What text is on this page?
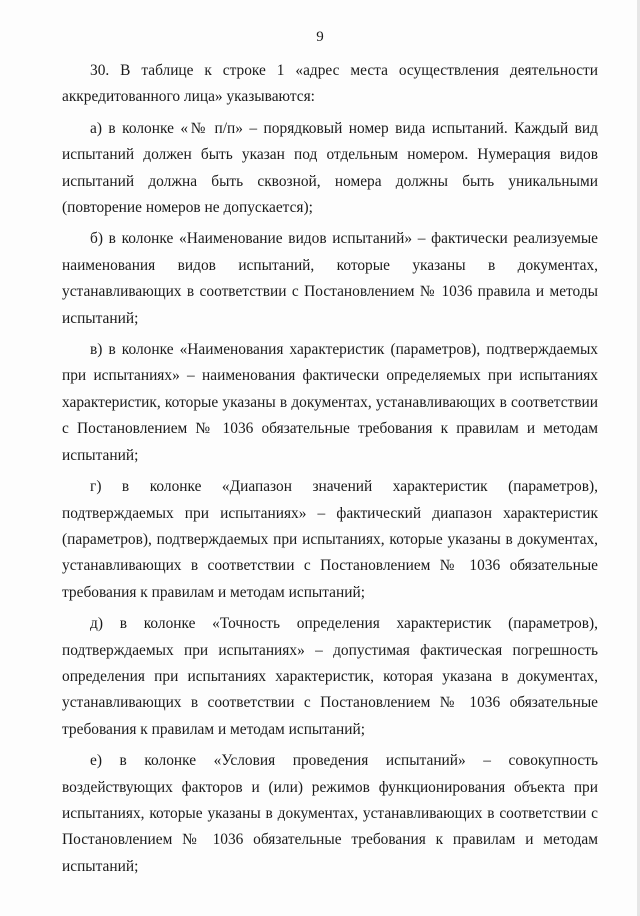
9

30. В таблице к строке 1 «адрес места осуществления деятельности аккредитованного лица» указываются:

а) в колонке «№ п/п» – порядковый номер вида испытаний. Каждый вид испытаний должен быть указан под отдельным номером. Нумерация видов испытаний должна быть сквозной, номера должны быть уникальными (повторение номеров не допускается);

б) в колонке «Наименование видов испытаний» – фактически реализуемые наименования видов испытаний, которые указаны в документах, устанавливающих в соответствии с Постановлением № 1036 правила и методы испытаний;

в) в колонке «Наименования характеристик (параметров), подтверждаемых при испытаниях» – наименования фактически определяемых при испытаниях характеристик, которые указаны в документах, устанавливающих в соответствии с Постановлением № 1036 обязательные требования к правилам и методам испытаний;

г) в колонке «Диапазон значений характеристик (параметров), подтверждаемых при испытаниях» – фактический диапазон характеристик (параметров), подтверждаемых при испытаниях, которые указаны в документах, устанавливающих в соответствии с Постановлением № 1036 обязательные требования к правилам и методам испытаний;

д) в колонке «Точность определения характеристик (параметров), подтверждаемых при испытаниях» – допустимая фактическая погрешность определения при испытаниях характеристик, которая указана в документах, устанавливающих в соответствии с Постановлением № 1036 обязательные требования к правилам и методам испытаний;

е) в колонке «Условия проведения испытаний» – совокупность воздействующих факторов и (или) режимов функционирования объекта при испытаниях, которые указаны в документах, устанавливающих в соответствии с Постановлением № 1036 обязательные требования к правилам и методам испытаний;
